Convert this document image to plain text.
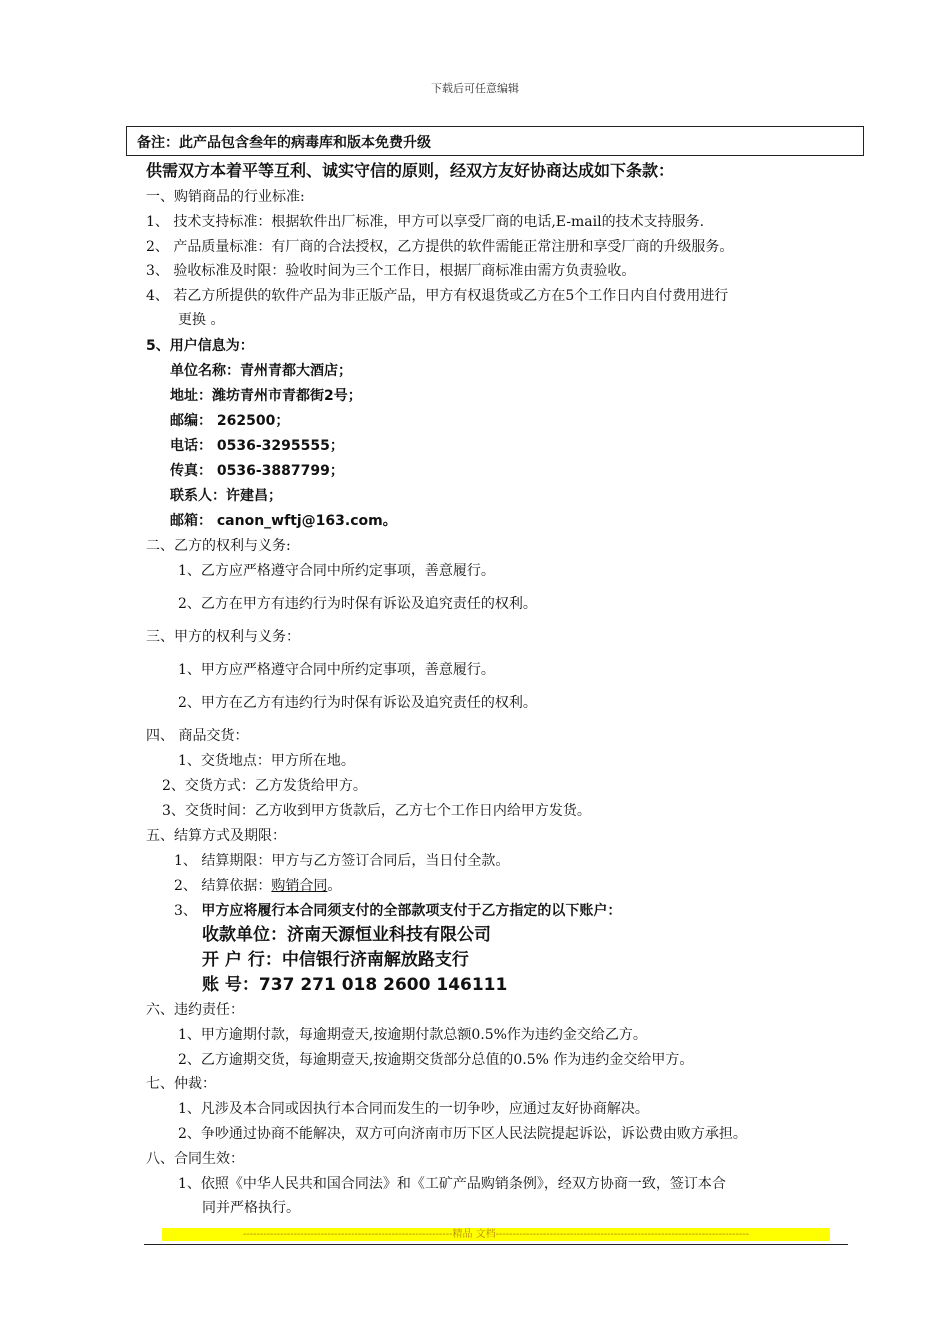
下载后可任意编辑
备注：此产品包含叁年的病毒库和版本免费升级
供需双方本着平等互利、诚实守信的原则，经双方友好协商达成如下条款：
一、购销商品的行业标准:
1、 技术支持标准：根据软件出厂标准，甲方可以享受厂商的电话,E-mail的技术支持服务.
2、 产品质量标准：有厂商的合法授权，乙方提供的软件需能正常注册和享受厂商的升级服务。
3、 验收标准及时限：验收时间为三个工作日，根据厂商标准由需方负责验收。
4、 若乙方所提供的软件产品为非正版产品，甲方有权退货或乙方在5个工作日内自付费用进行
更换 。
5、用户信息为：
单位名称：青州青都大酒店；
地址：潍坊青州市青都街2号；
邮编： 262500；
电话： 0536-3295555；
传真： 0536-3887799；
联系人：许建昌；
邮箱： canon_wftj@163.com。
二、乙方的权利与义务:
1、乙方应严格遵守合同中所约定事项，善意履行。
2、乙方在甲方有违约行为时保有诉讼及追究责任的权利。
三、甲方的权利与义务：
1、甲方应严格遵守合同中所约定事项，善意履行。
2、甲方在乙方有违约行为时保有诉讼及追究责任的权利。
四、 商品交货：
1、交货地点：甲方所在地。
2、交货方式：乙方发货给甲方。
3、交货时间：乙方收到甲方货款后，乙方七个工作日内给甲方发货。
五、结算方式及期限：
1、 结算期限：甲方与乙方签订合同后，当日付全款。
2、 结算依据：购销合同。
3、 甲方应将履行本合同须支付的全部款项支付于乙方指定的以下账户：
收款单位：济南天源恒业科技有限公司
开 户 行：中信银行济南解放路支行
账 号：737 271 018 2600 146111
六、违约责任：
1、甲方逾期付款，每逾期壹天,按逾期付款总额0.5%作为违约金交给乙方。
2、乙方逾期交货，每逾期壹天,按逾期交货部分总值的0.5% 作为违约金交给甲方。
七、仲裁：
1、凡涉及本合同或因执行本合同而发生的一切争吵，应通过友好协商解决。
2、争吵通过协商不能解决，双方可向济南市历下区人民法院提起诉讼，诉讼费由败方承担。
八、合同生效：
1、依照《中华人民共和国合同法》和《工矿产品购销条例》，经双方协商一致，签订本合
同并严格执行。
--------------------------------------------------------------精品 文档---------------------------------------------------------------------------
